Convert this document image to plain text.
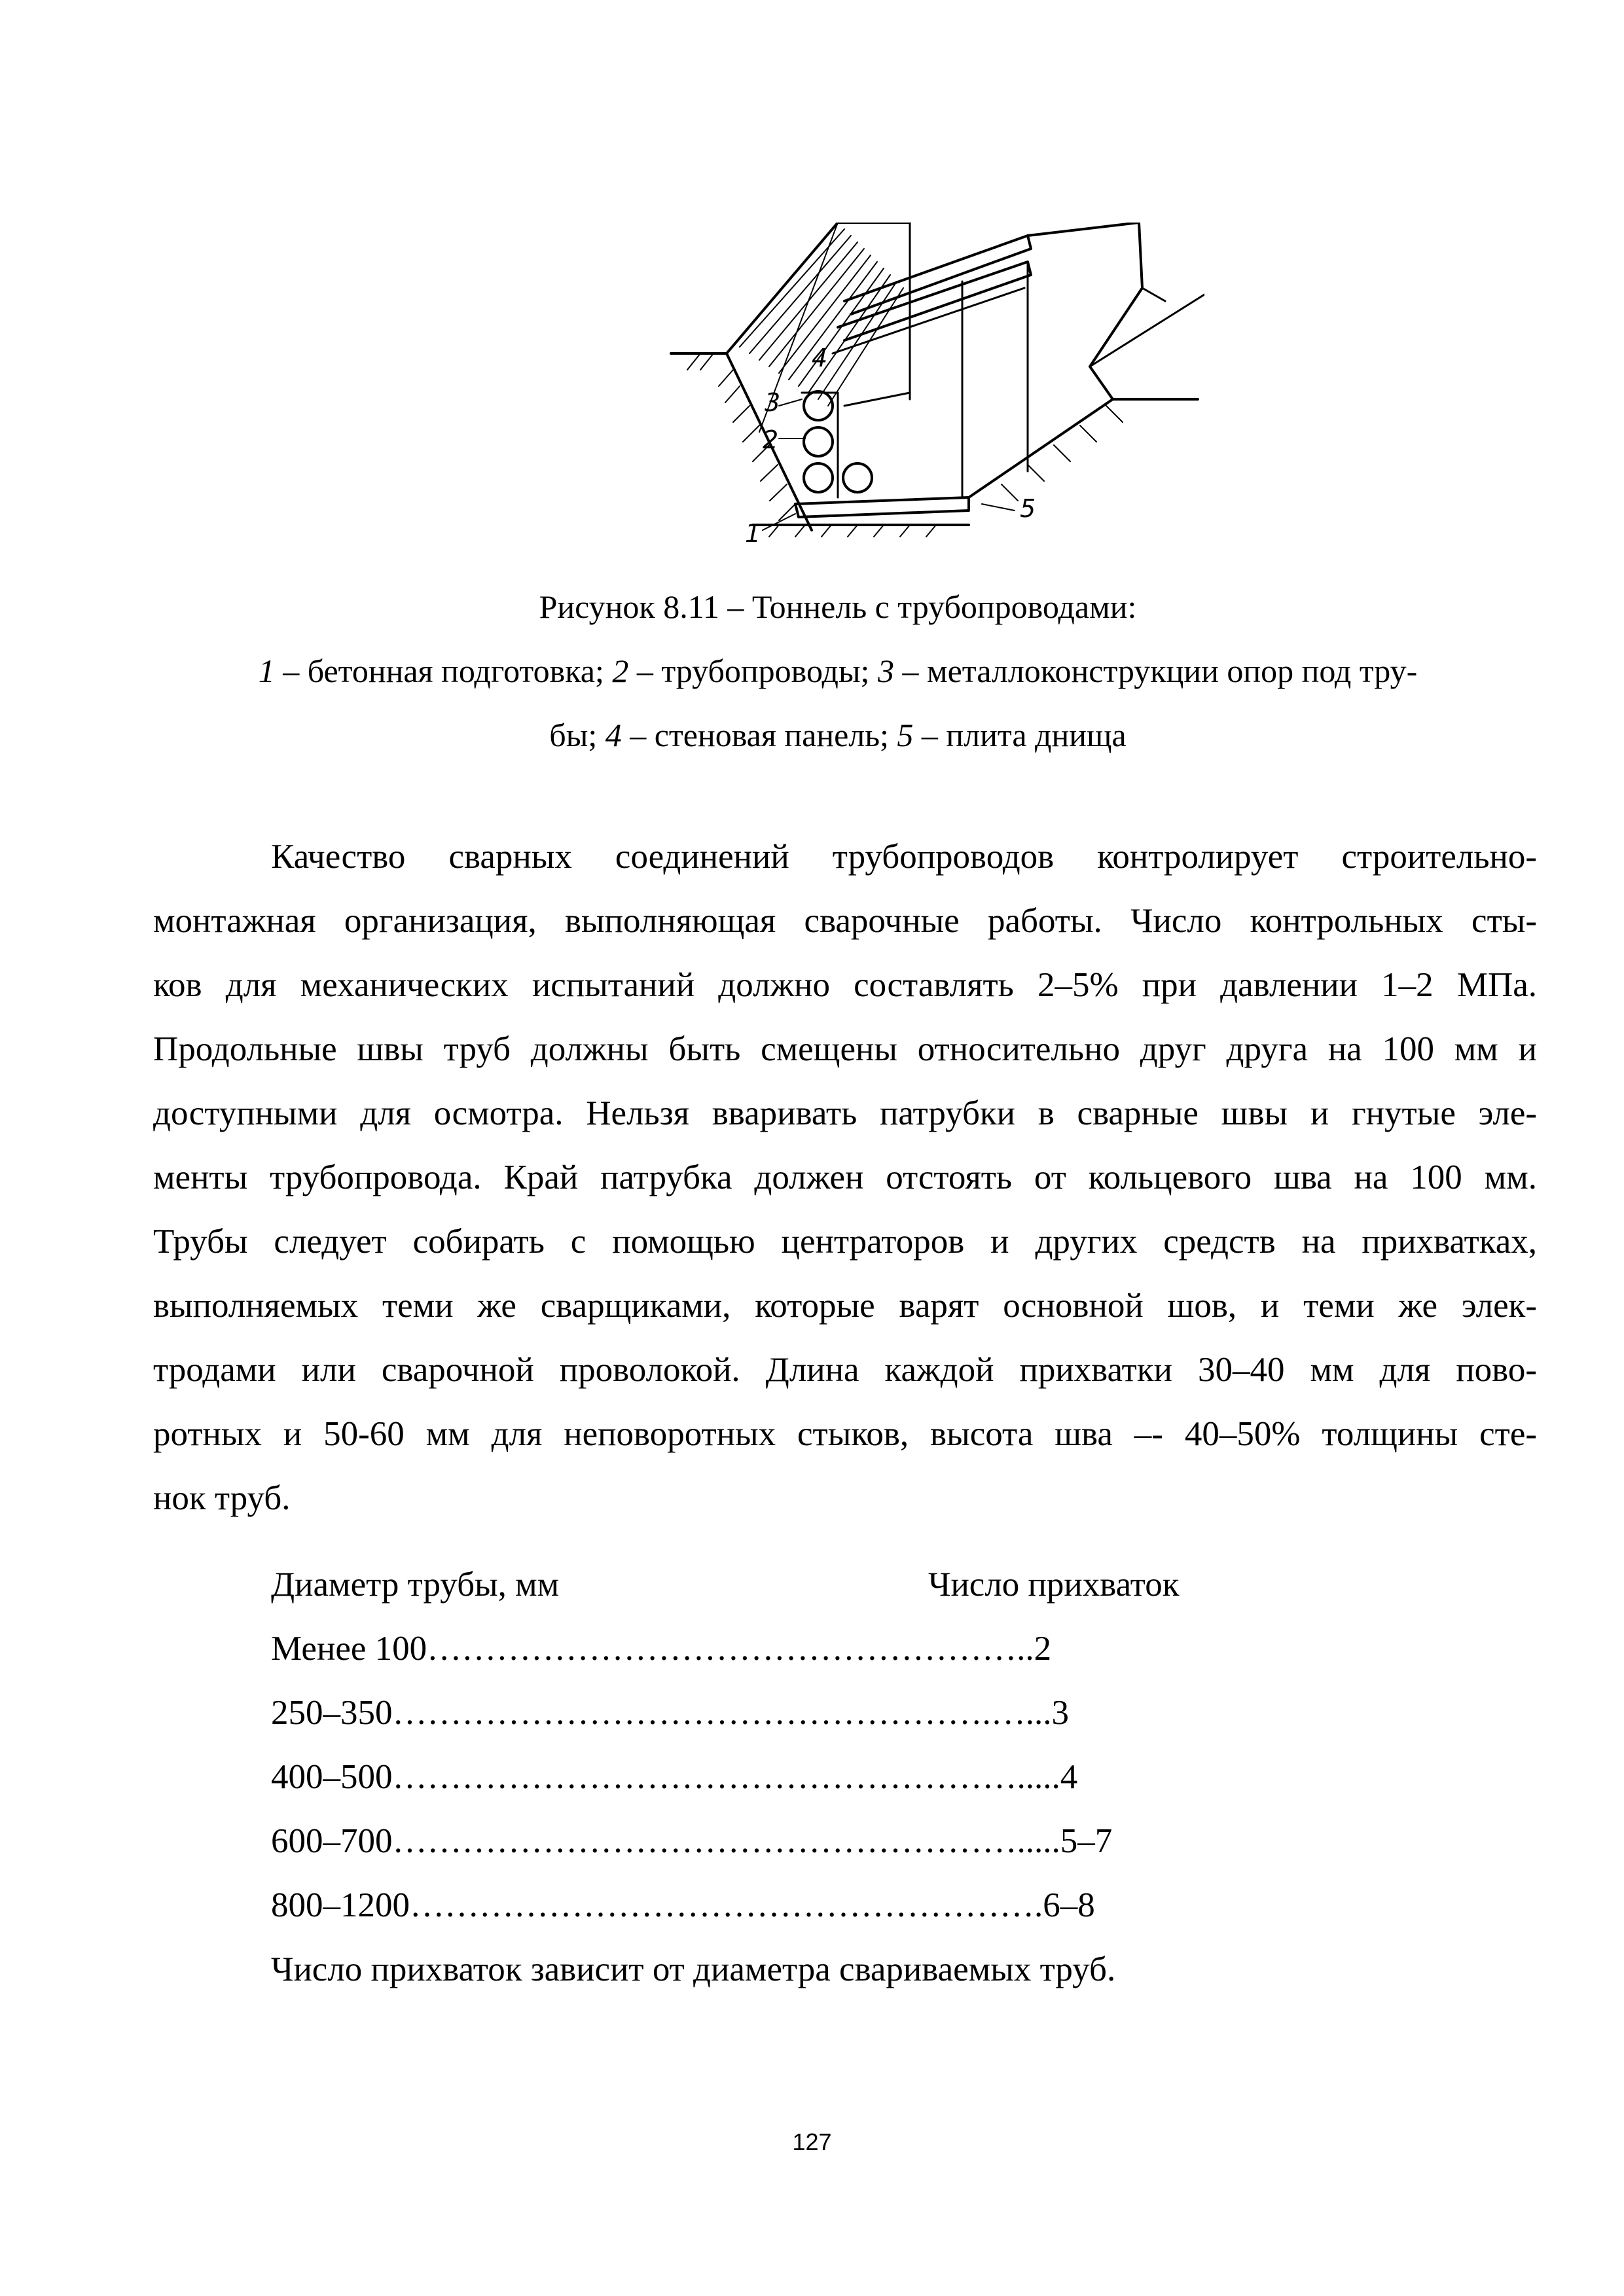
1
2
3
4
5
Рисунок 8.11 – Тоннель с трубопроводами:
1 – бетонная подготовка; 2 – трубопроводы; 3 – металлоконструкции опор под тру-
бы; 4 – стеновая панель; 5 – плита днища
Качество сварных соединений трубопроводов контролирует строительно-
монтажная организация, выполняющая сварочные работы. Число контрольных сты-
ков для механических испытаний должно составлять 2–5% при давлении 1–2 МПа.
Продольные швы труб должны быть смещены относительно друг друга на 100 мм и
доступными для осмотра. Нельзя вваривать патрубки в сварные швы и гнутые эле-
менты трубопровода. Край патрубка должен отстоять от кольцевого шва на 100 мм.
Трубы следует собирать с помощью центраторов и других средств на прихватках,
выполняемых теми же сварщиками, которые варят основной шов, и теми же элек-
тродами или сварочной проволокой. Длина каждой прихватки 30–40 мм для пово-
ротных и 50-60 мм для неповоротных стыков, высота шва –- 40–50% толщины сте-
нок труб.
Диаметр трубы, мм	Число прихваток
Менее 100……………………………………………..2
250–350…………………………………………….…...3
400–500……………………………………………….....4
600–700……………………………………………….....5–7
800–1200……………………………………………….6–8
Число прихваток зависит от диаметра свариваемых труб.
127
